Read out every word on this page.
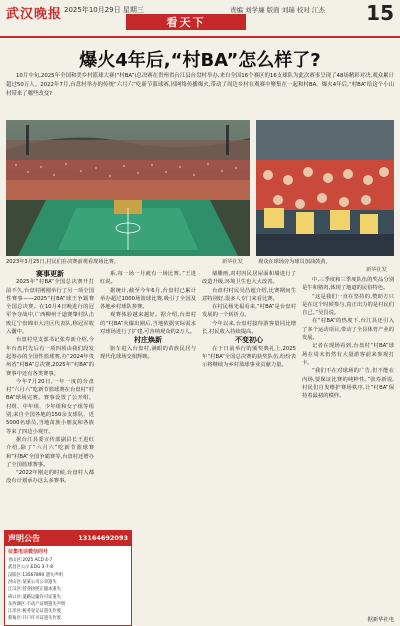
武汉晚报 2025年10月29日 星期三
看天下
责编 刘学廉 版面 刘瑞 校对 江杰 15
爆火4年后,“村BA”怎么样了?
10月中旬,2025年全国和美乡村篮球大赛(“村BA”)总决赛在贵州省台江县台盘村举办,来自全国16个赛区的16支球队为此次赛事呈现了48场精彩对决,观众累计超过50万人。2022年7月,台盘村举办的传统“六月六”吃新节篮球赛,因网络传播爆火,带动了周边乡村在观赛中聚集在一起和村BA。爆火4年后,“村BA”给这个小山村带来了哪些改变?
2023年3月25日,村民们在决赛前观看现场比赛。	新华社发	观众在球场旁为球员加油鼓劲。
新华社发

赛事更新

2025年“村BA”全国总决赛开打前不久,台盘村刚刚举行了另一项全国性赛事——2025“村BA”球王争霸赛全国总决赛。在10月4日晚进行的冠军争夺战中,广西柳州千道赛肇村队击败辽宁盘锦市大洼区代表队,称冠军收入囊中。

台盘村党支部书记张寿新介绍,今年台盘村先后有一项四项由我们段发起筹办的全国性篮球赛,办“2024年贵州省“村BA”总决赛,2025年“村BA”的赛事中还有各类赛事。

今年7月20日,一年一度的台盘村“六月六”吃新节篮球赛在台盘村“村BA”球场完赛。赛事设置了公开组、村组、中年组、少年组和女子组等组别,来自全国各地的150余支球队、近5000名球员,当地苗族小朋友和各族等来了四边小观开。

据台江县委宣传部副县长王进红介绍,除了“六月六”吃新节篮球赛和“村BA”全国争霸赛等,台盘村还增办了全国篮球赛事。

“2022年刚走的时候,台盘村人都没有计划承办这么多赛事。

系,每一场一月就有一场比赛。”王进红说。

据统计,截至今年6月,台盘村已累计举办超过1000场篮球比赛,吸引了全国及各地乡村球队参赛。

观赛体验越来越好。据介绍,台盘村的“村BA”火爆出圈后,当地依据实际需求对球场进行了扩建,可容纳观众约2万人。

村庄焕新

驱车进入台盘村,满眼的苗族民居与现代化球场交相辉映。

墙雕画,对村内民居屋面和墙进行了改造升级,环境卫生也大大改善。

台盘村村民吴昌超介绍,比赛期间生意特别好,很多人专门来看比赛。

在村民杨光福看来,“村BA”是台盘村发展的一个转折点。

今年以来,台盘村接待游客量同比增长,村民收入持续提高。

不变初心

在于日前举行的颁奖典礼上,2025年“村BA”全国总决赛的获奖队伍,纷纷表示将继续为乡村篮球事业贡献力量。

中,三季度和三季度队伍的奖品分别是牛和猪肉,体现了地道的民俗特色。

“这是我们一直在坚持的,赞助方只是在这个时候参与,真正出力的是村民们自己。”吴昌说。

在“村BA”的热度下,台江县还引入了多个运动项目,带动了全县体育产业的发展。

记者在现场看到,台盘村“村BA”球场在周末仍然有大量游客前来参观打卡。

“我们不在对球场的广告,但不能在内场,要保证比赛的纯粹性。”张寿新说,村民们自发维护赛场秩序,让“村BA”保持着最初的模样。

声明公告	13164692093
征集电话微信同号
青山区:2025 ACD 4-7
武昌区公示:EDG 3-7-8
汉阳区:13567890 遗失声明
洪山区:某某公司公章遗失
江汉区:营业执照正副本遗失
硚口区:道路运输许可证遗失
东西湖区:不动产证明遗失声明
江岸区:税务登记证遗失作废
蔡甸区:开户许可证遗失作废	据新华社电
